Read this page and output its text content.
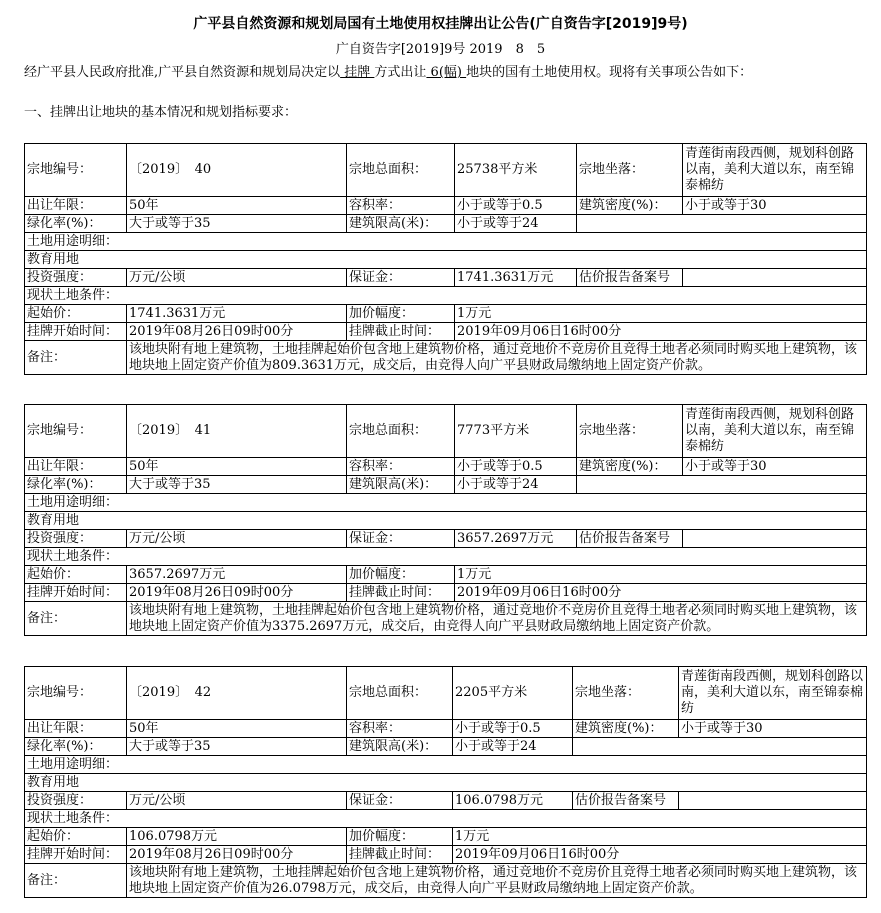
广平县自然资源和规划局国有土地使用权挂牌出让公告(广自资告字[2019]9号)
广自资告字[2019]9号 2019　8　5
经广平县人民政府批准,广平县自然资源和规划局决定以 挂牌 方式出让 6(幅) 地块的国有土地使用权。现将有关事项公告如下：
一、挂牌出让地块的基本情况和规划指标要求：
宗地编号：	〔2019〕　40	宗地总面积：	25738平方米	宗地坐落：	青莲街南段西侧，规划科创路以南，美利大道以东，南至锦泰棉纺
出让年限：	50年	容积率：	小于或等于0.5	建筑密度(%)：	小于或等于30
绿化率(%)：	大于或等于35	建筑限高(米)：	小于或等于24		
土地用途明细：					
教育用地					
投资强度：	万元/公顷	保证金：	1741.3631万元	估价报告备案号	
现状土地条件：					
起始价：	1741.3631万元	加价幅度：	1万元		
挂牌开始时间：	2019年08月26日09时00分	挂牌截止时间：	2019年09月06日16时00分		
备注：	该地块附有地上建筑物，土地挂牌起始价包含地上建筑物价格，通过竞地价不竞房价且竞得土地者必须同时购买地上建筑物，该地块地上固定资产价值为809.3631万元，成交后，由竞得人向广平县财政局缴纳地上固定资产价款。				
宗地编号：	〔2019〕　41	宗地总面积：	7773平方米	宗地坐落：	青莲街南段西侧，规划科创路以南，美利大道以东，南至锦泰棉纺
出让年限：	50年	容积率：	小于或等于0.5	建筑密度(%)：	小于或等于30
绿化率(%)：	大于或等于35	建筑限高(米)：	小于或等于24		
土地用途明细：					
教育用地					
投资强度：	万元/公顷	保证金：	3657.2697万元	估价报告备案号	
现状土地条件：					
起始价：	3657.2697万元	加价幅度：	1万元		
挂牌开始时间：	2019年08月26日09时00分	挂牌截止时间：	2019年09月06日16时00分		
备注：	该地块附有地上建筑物，土地挂牌起始价包含地上建筑物价格，通过竞地价不竞房价且竞得土地者必须同时购买地上建筑物，该地块地上固定资产价值为3375.2697万元，成交后，由竞得人向广平县财政局缴纳地上固定资产价款。				
宗地编号：	〔2019〕　42	宗地总面积：	2205平方米	宗地坐落：	青莲街南段西侧，规划科创路以南，美利大道以东，南至锦泰棉纺
出让年限：	50年	容积率：	小于或等于0.5	建筑密度(%)：	小于或等于30
绿化率(%)：	大于或等于35	建筑限高(米)：	小于或等于24		
土地用途明细：					
教育用地					
投资强度：	万元/公顷	保证金：	106.0798万元	估价报告备案号	
现状土地条件：					
起始价：	106.0798万元	加价幅度：	1万元		
挂牌开始时间：	2019年08月26日09时00分	挂牌截止时间：	2019年09月06日16时00分		
备注：	该地块附有地上建筑物，土地挂牌起始价包含地上建筑物价格，通过竞地价不竞房价且竞得土地者必须同时购买地上建筑物，该地块地上固定资产价值为26.0798万元，成交后，由竞得人向广平县财政局缴纳地上固定资产价款。				
